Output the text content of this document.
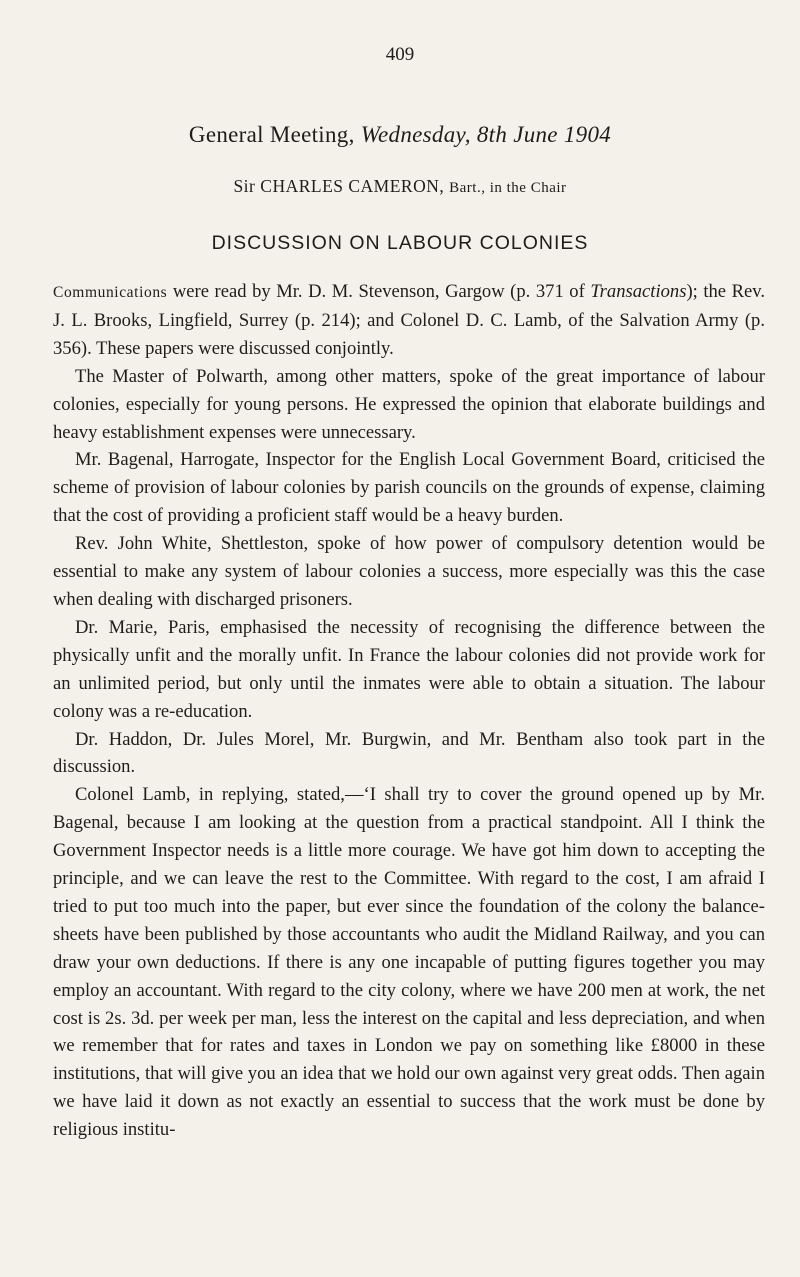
409
General Meeting, Wednesday, 8th June 1904
Sir CHARLES CAMERON, Bart., in the Chair
DISCUSSION ON LABOUR COLONIES

Communications were read by Mr. D. M. Stevenson, Gargow (p. 371 of Transactions); the Rev. J. L. Brooks, Lingfield, Surrey (p. 214); and Colonel D. C. Lamb, of the Salvation Army (p. 356). These papers were discussed conjointly.

The Master of Polwarth, among other matters, spoke of the great importance of labour colonies, especially for young persons. He expressed the opinion that elaborate buildings and heavy establishment expenses were unnecessary.

Mr. Bagenal, Harrogate, Inspector for the English Local Government Board, criticised the scheme of provision of labour colonies by parish councils on the grounds of expense, claiming that the cost of providing a proficient staff would be a heavy burden.

Rev. John White, Shettleston, spoke of how power of compulsory detention would be essential to make any system of labour colonies a success, more especially was this the case when dealing with discharged prisoners.

Dr. Marie, Paris, emphasised the necessity of recognising the difference between the physically unfit and the morally unfit. In France the labour colonies did not provide work for an unlimited period, but only until the inmates were able to obtain a situation. The labour colony was a re-education.

Dr. Haddon, Dr. Jules Morel, Mr. Burgwin, and Mr. Bentham also took part in the discussion.

Colonel Lamb, in replying, stated,—‘I shall try to cover the ground opened up by Mr. Bagenal, because I am looking at the question from a practical standpoint. All I think the Government Inspector needs is a little more courage. We have got him down to accepting the principle, and we can leave the rest to the Committee. With regard to the cost, I am afraid I tried to put too much into the paper, but ever since the foundation of the colony the balance-sheets have been published by those accountants who audit the Midland Railway, and you can draw your own deductions. If there is any one incapable of putting figures together you may employ an accountant. With regard to the city colony, where we have 200 men at work, the net cost is 2s. 3d. per week per man, less the interest on the capital and less depreciation, and when we remember that for rates and taxes in London we pay on something like £8000 in these institutions, that will give you an idea that we hold our own against very great odds. Then again we have laid it down as not exactly an essential to success that the work must be done by religious institu-
